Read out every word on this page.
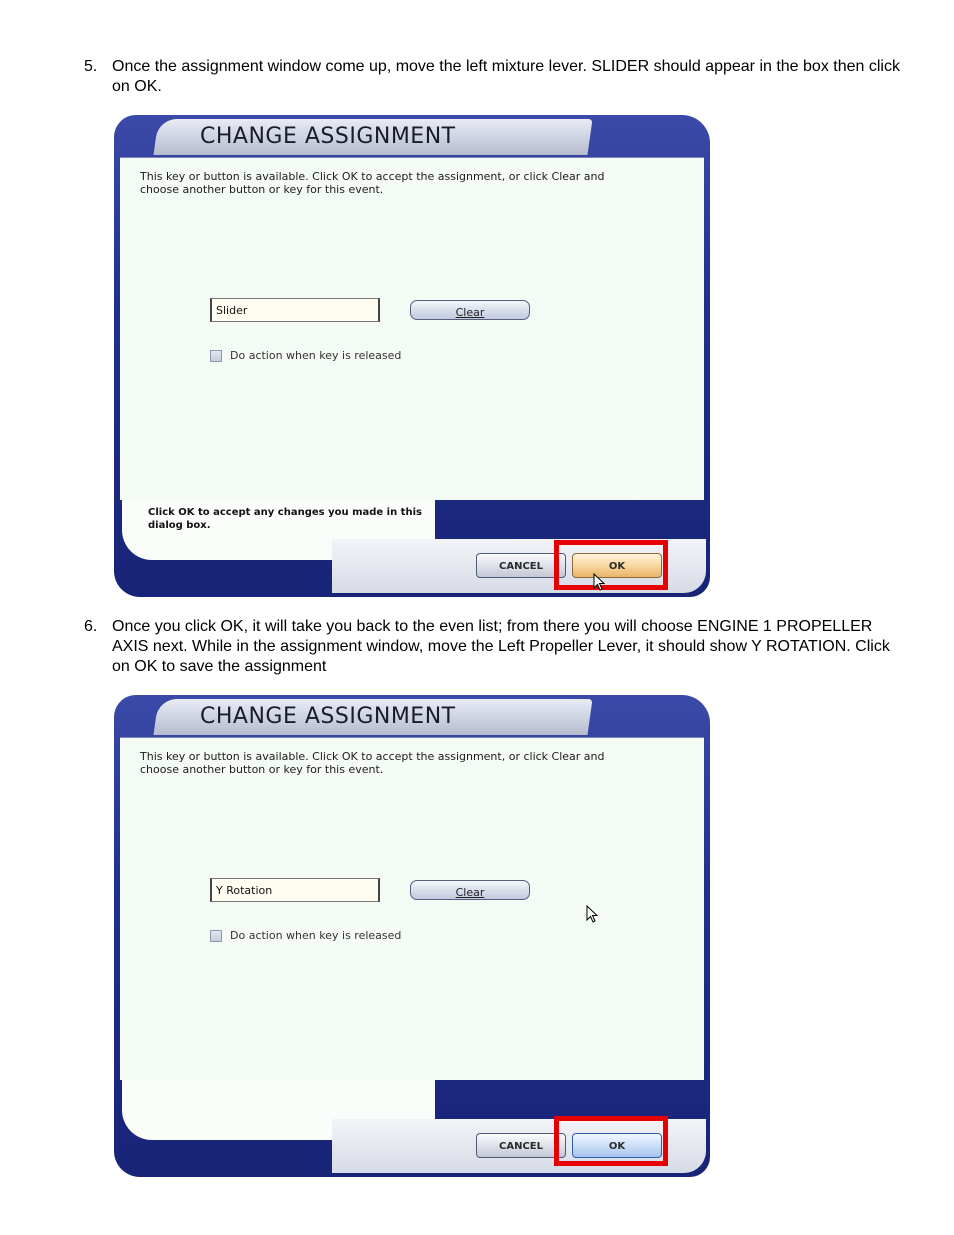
5. Once the assignment window come up, move the left mixture lever. SLIDER should appear in the box then click on OK.
CHANGE ASSIGNMENT
This key or button is available. Click OK to accept the assignment, or click Clear and choose another button or key for this event.
Slider	Clear
Do action when key is released
Click OK to accept any changes you made in this dialog box.
CANCEL	OK
6. Once you click OK, it will take you back to the even list; from there you will choose ENGINE 1 PROPELLER AXIS next. While in the assignment window, move the Left Propeller Lever, it should show Y ROTATION. Click on OK to save the assignment
CHANGE ASSIGNMENT
This key or button is available. Click OK to accept the assignment, or click Clear and choose another button or key for this event.
Y Rotation	Clear
Do action when key is released
CANCEL	OK
